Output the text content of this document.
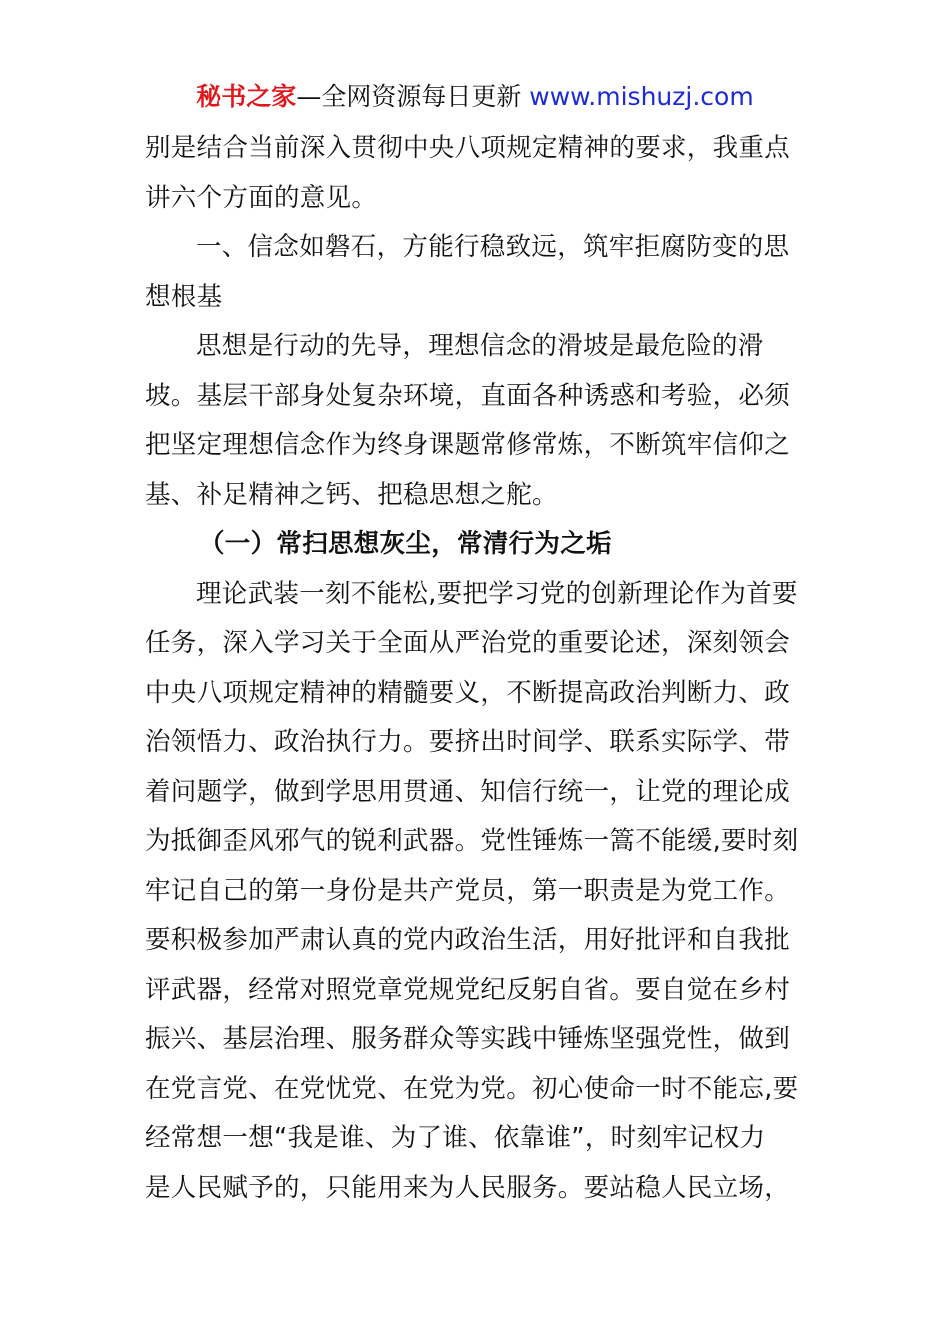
秘书之家—全网资源每日更新 www.mishuzj.com
别是结合当前深入贯彻中央八项规定精神的要求，我重点
讲六个方面的意见。
一、信念如磐石，方能行稳致远，筑牢拒腐防变的思
想根基
思想是行动的先导，理想信念的滑坡是最危险的滑
坡。基层干部身处复杂环境，直面各种诱惑和考验，必须
把坚定理想信念作为终身课题常修常炼，不断筑牢信仰之
基、补足精神之钙、把稳思想之舵。
（一）常扫思想灰尘，常清行为之垢
理论武装一刻不能松,要把学习党的创新理论作为首要
任务，深入学习关于全面从严治党的重要论述，深刻领会
中央八项规定精神的精髓要义，不断提高政治判断力、政
治领悟力、政治执行力。要挤出时间学、联系实际学、带
着问题学，做到学思用贯通、知信行统一，让党的理论成
为抵御歪风邪气的锐利武器。党性锤炼一篙不能缓,要时刻
牢记自己的第一身份是共产党员，第一职责是为党工作。
要积极参加严肃认真的党内政治生活，用好批评和自我批
评武器，经常对照党章党规党纪反躬自省。要自觉在乡村
振兴、基层治理、服务群众等实践中锤炼坚强党性，做到
在党言党、在党忧党、在党为党。初心使命一时不能忘,要
经常想一想“我是谁、为了谁、依靠谁”，时刻牢记权力
是人民赋予的，只能用来为人民服务。要站稳人民立场，
